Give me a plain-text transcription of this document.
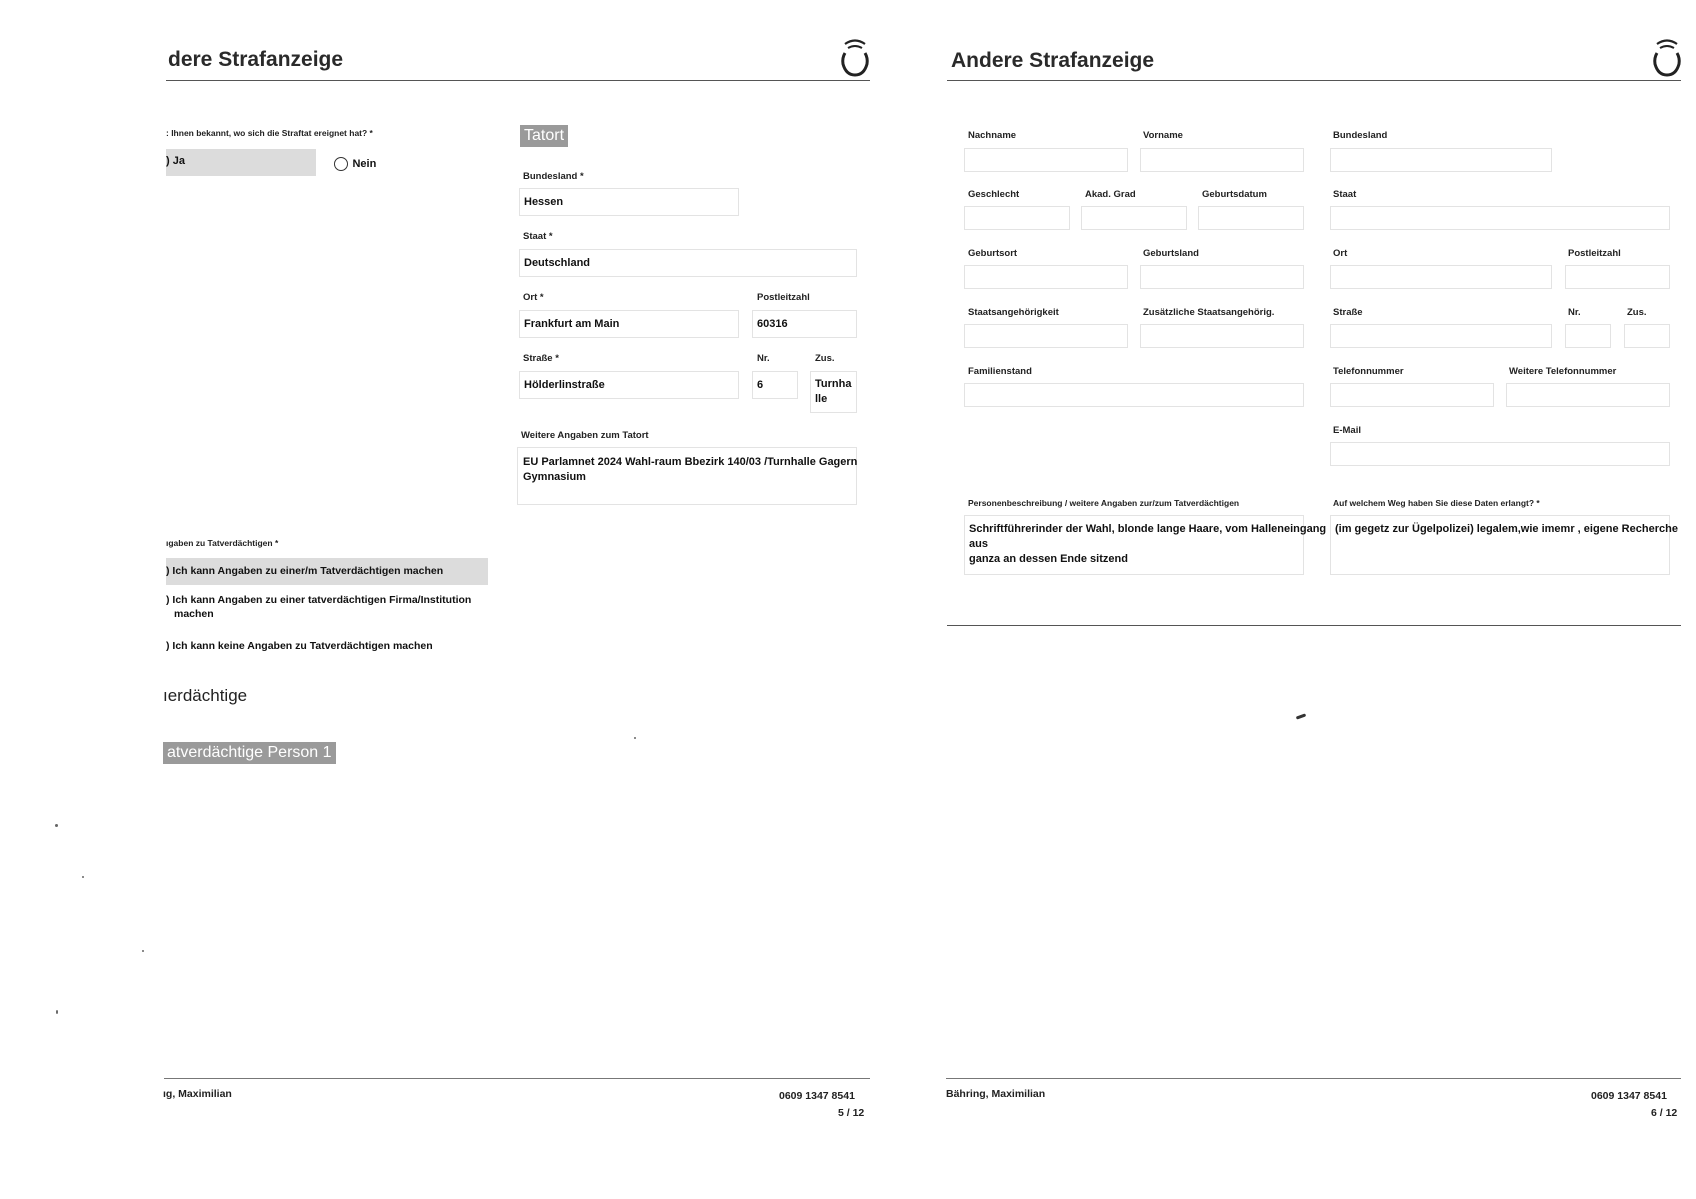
dere Strafanzeige
: Ihnen bekannt, wo sich die Straftat ereignet hat? *
) Ja	Nein
Tatort
Bundesland *
Hessen
Staat *
Deutschland
Ort *	Postleitzahl
Frankfurt am Main	60316
Straße *	Nr.	Zus.
Hölderlinstraße	6	Turnha
lle
Weitere Angaben zum Tatort
EU Parlamnet 2024 Wahl-raum Bbezirk 140/03 /Turnhalle Gagern
Gymnasium
ıgaben zu Tatverdächtigen *
) Ich kann Angaben zu einer/m Tatverdächtigen machen
) Ich kann Angaben zu einer tatverdächtigen Firma/Institution
machen
) Ich kann keine Angaben zu Tatverdächtigen machen
ıerdächtige
atverdächtige Person 1
ıg, Maximilian	0609 1347 8541
5 / 12
Andere Strafanzeige
Nachname	Vorname	Bundesland
Geschlecht	Akad. Grad	Geburtsdatum	Staat
Geburtsort	Geburtsland	Ort	Postleitzahl
Staatsangehörigkeit	Zusätzliche Staatsangehörig.	Straße	Nr.	Zus.
Familienstand	Telefonnummer	Weitere Telefonnummer
E-Mail
Personenbeschreibung / weitere Angaben zur/zum Tatverdächtigen
Schriftführerinder der Wahl, blonde lange Haare, vom Halleneingang
aus
ganza an dessen Ende sitzend
Auf welchem Weg haben Sie diese Daten erlangt? *
(im gegetz zur Ügelpolizei) legalem,wie imemr , eigene Recherche
Bähring, Maximilian	0609 1347 8541
6 / 12
